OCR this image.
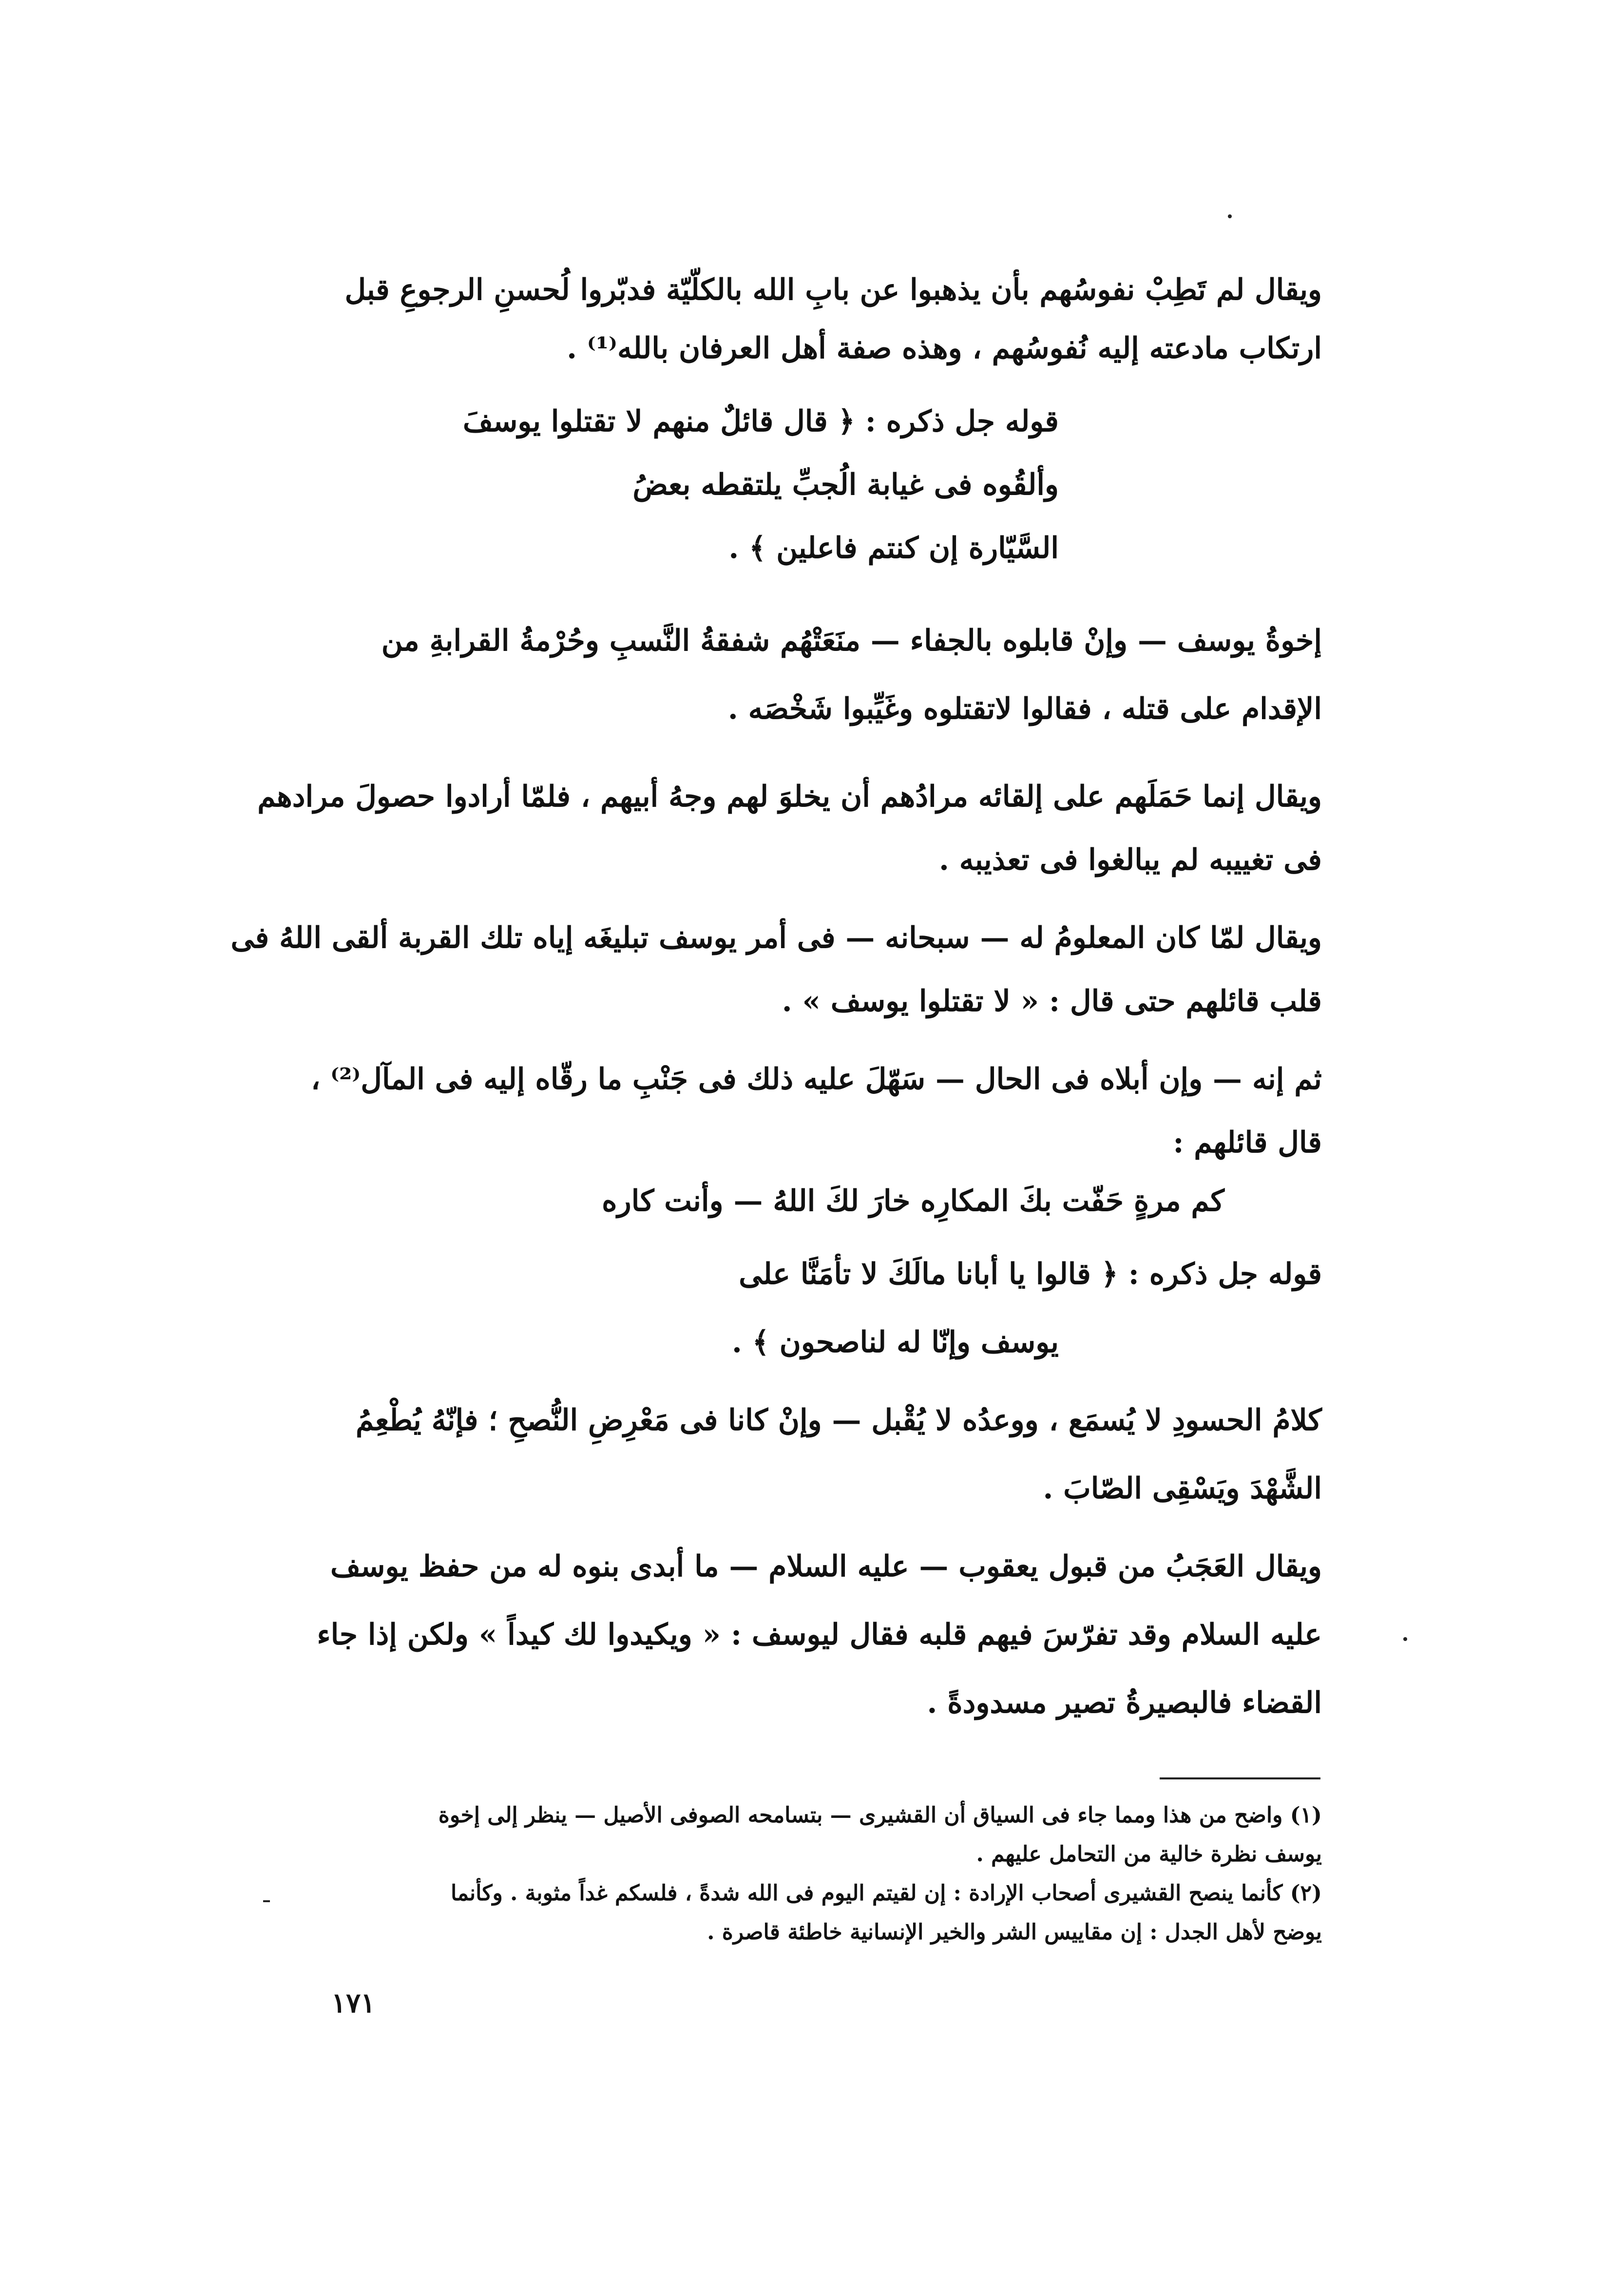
ويقال لم تَطِبْ نفوسُهم بأن يذهبوا عن بابِ الله بالكلّيّة فدبّروا لُحسنِ الرجوعِ قبل
ارتكاب مادعته إليه نُفوسُهم ، وهذه صفة أهل العرفان بالله⁽¹⁾ .
قوله جل ذكره : ﴿ قال قائلٌ منهم لا تقتلوا يوسفَ
وألقُوه فى غيابة الُجبِّ يلتقطه بعضُ
السَّيّارة إن كنتم فاعلين ﴾ .
إخوةُ يوسف — وإنْ قابلوه بالجفاء — منَعَتْهُم شفقةُ النَّسبِ وحُرْمةُ القرابةِ من
الإقدام على قتله ، فقالوا لاتقتلوه وغَيِّبوا شَخْصَه .
ويقال إنما حَمَلَهم على إلقائه مرادُهم أن يخلوَ لهم وجهُ أبيهم ، فلمّا أرادوا حصولَ مرادهم
فى تغييبه لم يبالغوا فى تعذيبه .
ويقال لمّا كان المعلومُ له — سبحانه — فى أمر يوسف تبليغَه إياه تلك القربة ألقى اللهُ فى
قلب قائلهم حتى قال : « لا تقتلوا يوسف » .
ثم إنه — وإن أبلاه فى الحال — سَهّلَ عليه ذلك فى جَنْبِ ما رقّاه إليه فى المآل⁽²⁾ ،
قال قائلهم :
كم مرةٍ حَفّت بكَ المكارِه خارَ لكَ اللهُ — وأنت كاره
قوله جل ذكره : ﴿ قالوا يا أبانا مالَكَ لا تأمَنَّا على
يوسف وإنّا له لناصحون ﴾ .
كلامُ الحسودِ لا يُسمَع ، ووعدُه لا يُقْبل — وإنْ كانا فى مَعْرِضِ النُّصحِ ؛ فإنّهُ يُطْعِمُ
الشَّهْدَ ويَسْقِى الصّابَ .
ويقال العَجَبُ من قبول يعقوب — عليه السلام — ما أبدى بنوه له من حفظ يوسف
عليه السلام وقد تفرّسَ فيهم قلبه فقال ليوسف : « ويكيدوا لك كيداً » ولكن إذا جاء
القضاء فالبصيرةُ تصير مسدودةً .
(١) واضح من هذا ومما جاء فى السياق أن القشيرى — بتسامحه الصوفى الأصيل — ينظر إلى إخوة
يوسف نظرة خالية من التحامل عليهم .
(٢) كأنما ينصح القشيرى أصحاب الإرادة : إن لقيتم اليوم فى الله شدةً ، فلسكم غداً مثوبة . وكأنما
يوضح لأهل الجدل : إن مقاييس الشر والخير الإنسانية خاطئة قاصرة .
١٧١
